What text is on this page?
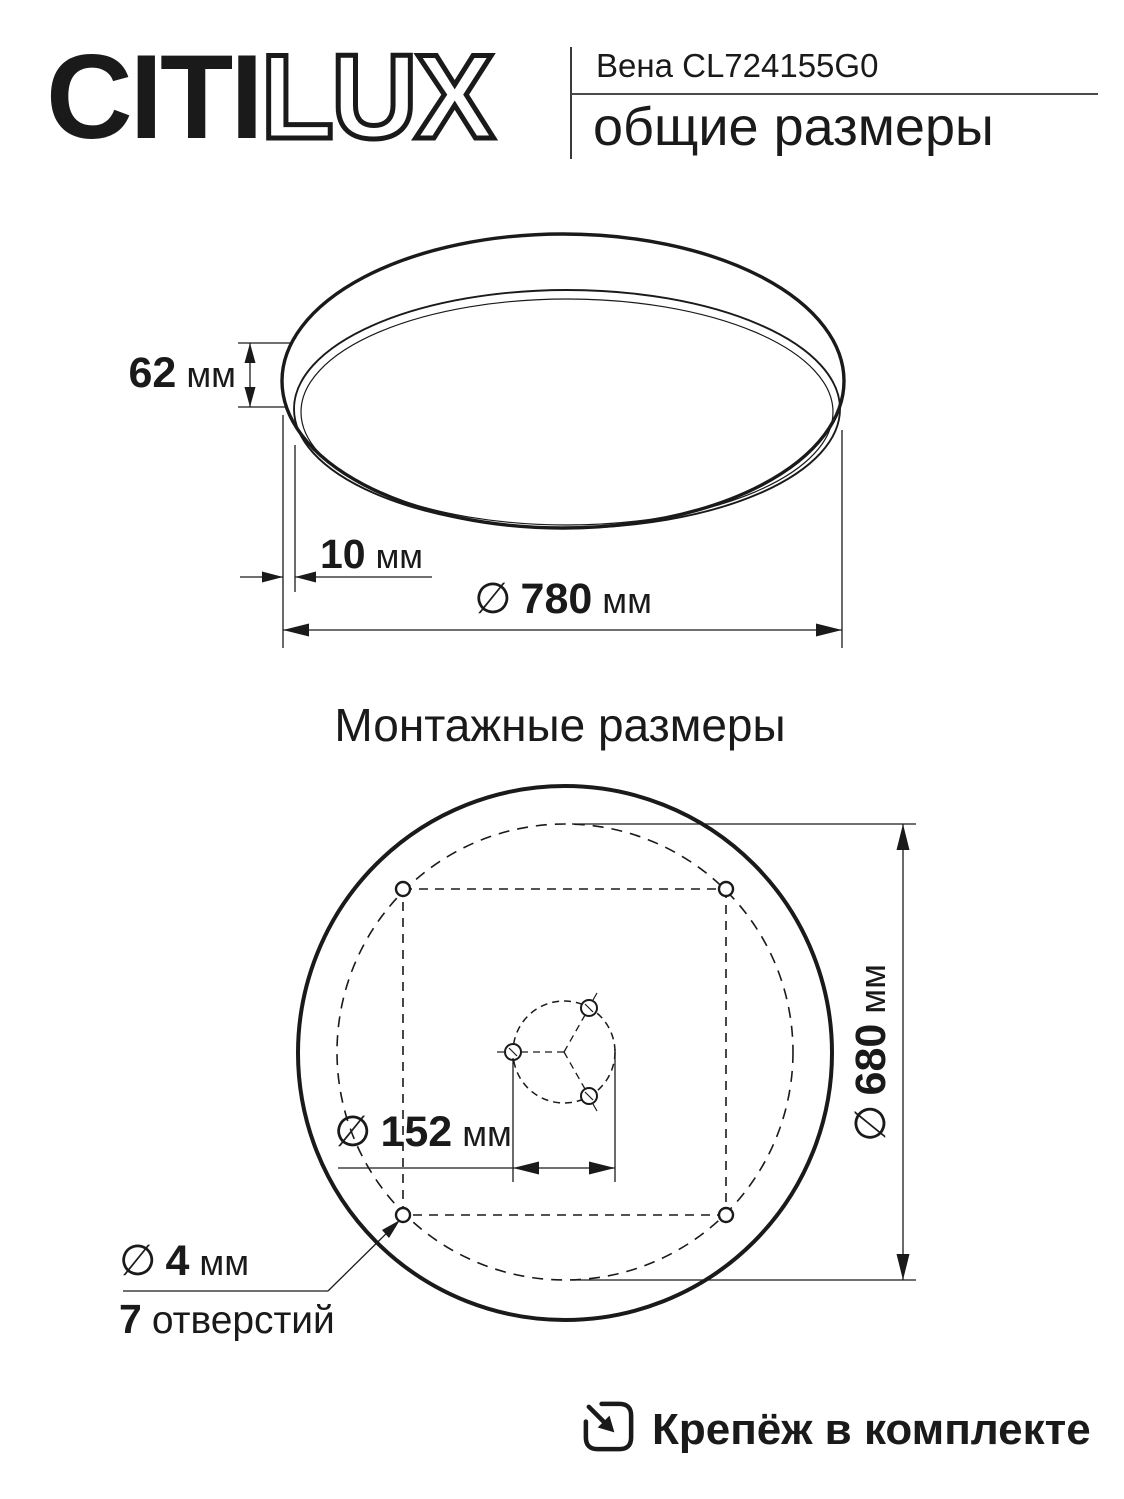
CITILUX	Вена CL724155G0
общие размеры
62 мм
10 мм
∅ 780 мм
Монтажные размеры
∅ 152 мм	∅680мм
∅ 4 мм
7 отверстий
Крепёж в комплекте
